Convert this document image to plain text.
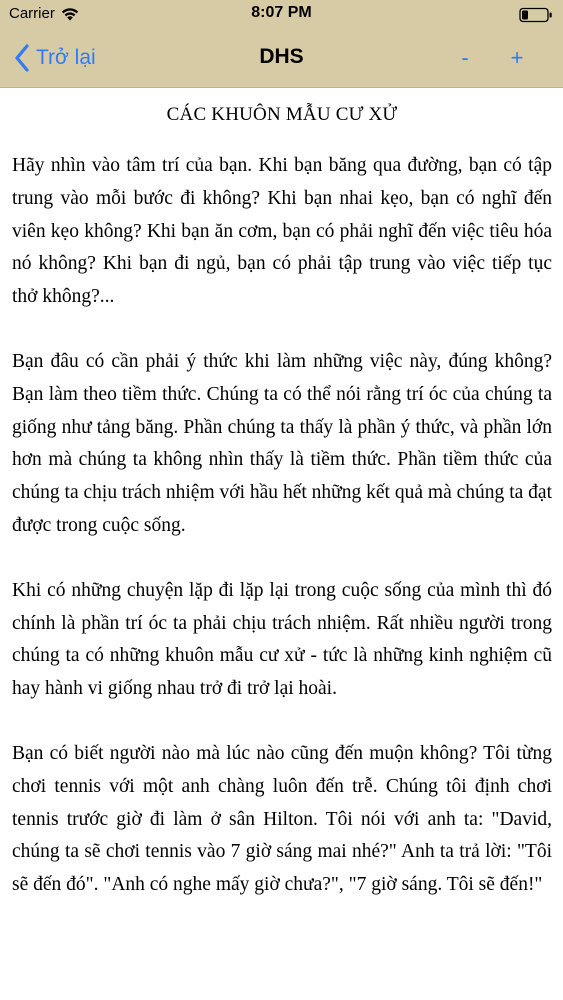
Carrier	8:07 PM
Trở lại	DHS	-	+
CÁC KHUÔN MẪU CƯ XỬ

Hãy nhìn vào tâm trí của bạn. Khi bạn băng qua đường, bạn có tập trung vào mỗi bước đi không? Khi bạn nhai kẹo, bạn có nghĩ đến viên kẹo không? Khi bạn ăn cơm, bạn có phải nghĩ đến việc tiêu hóa nó không? Khi bạn đi ngủ, bạn có phải tập trung vào việc tiếp tục thở không?...

Bạn đâu có cần phải ý thức khi làm những việc này, đúng không? Bạn làm theo tiềm thức. Chúng ta có thể nói rằng trí óc của chúng ta giống như tảng băng. Phần chúng ta thấy là phần ý thức, và phần lớn hơn mà chúng ta không nhìn thấy là tiềm thức. Phần tiềm thức của chúng ta chịu trách nhiệm với hầu hết những kết quả mà chúng ta đạt được trong cuộc sống.

Khi có những chuyện lặp đi lặp lại trong cuộc sống của mình thì đó chính là phần trí óc ta phải chịu trách nhiệm. Rất nhiều người trong chúng ta có những khuôn mẫu cư xử - tức là những kinh nghiệm cũ hay hành vi giống nhau trở đi trở lại hoài.

Bạn có biết người nào mà lúc nào cũng đến muộn không? Tôi từng chơi tennis với một anh chàng luôn đến trễ. Chúng tôi định chơi tennis trước giờ đi làm ở sân Hilton. Tôi nói với anh ta: "David, chúng ta sẽ chơi tennis vào 7 giờ sáng mai nhé?" Anh ta trả lời: "Tôi sẽ đến đó". "Anh có nghe mấy giờ chưa?", "7 giờ sáng. Tôi sẽ đến!"
